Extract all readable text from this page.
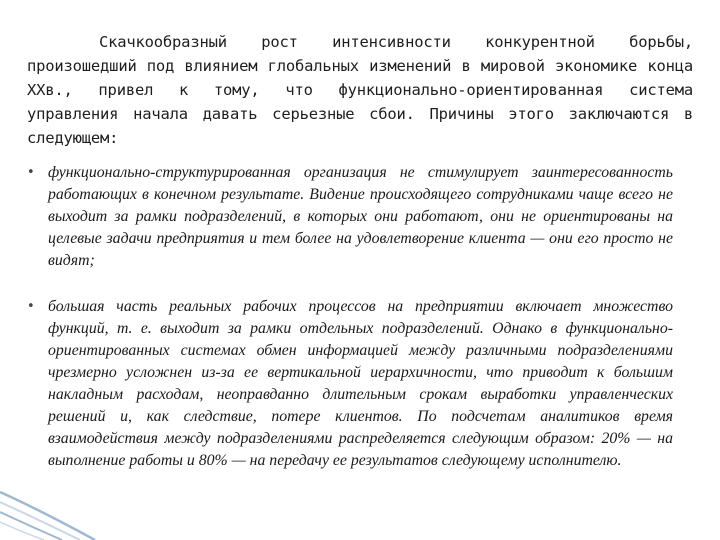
Скачкообразный рост интенсивности конкурентной борьбы, произошедший под влиянием глобальных изменений в мировой экономике конца XXв., привел к тому, что функционально-ориентированная система управления начала давать серьезные сбои. Причины этого заключаются в следующем:

• функционально-структурированная организация не стимулирует заинтересованность работающих в конечном результате. Видение происходящего сотрудниками чаще всего не выходит за рамки подразделений, в которых они работают, они не ориентированы на целевые задачи предприятия и тем более на удовлетворение клиента — они его просто не видят;
• большая часть реальных рабочих процессов на предприятии включает множество функций, т. е. выходит за рамки отдельных подразделений. Однако в функционально-ориентированных системах обмен информацией между различными подразделениями чрезмерно усложнен из-за ее вертикальной иерархичности, что приводит к большим накладным расходам, неоправданно длительным срокам выработки управленческих решений и, как следствие, потере клиентов. По подсчетам аналитиков время взаимодействия между подразделениями распределяется следующим образом: 20% — на выполнение работы и 80% — на передачу ее результатов следующему исполнителю.
